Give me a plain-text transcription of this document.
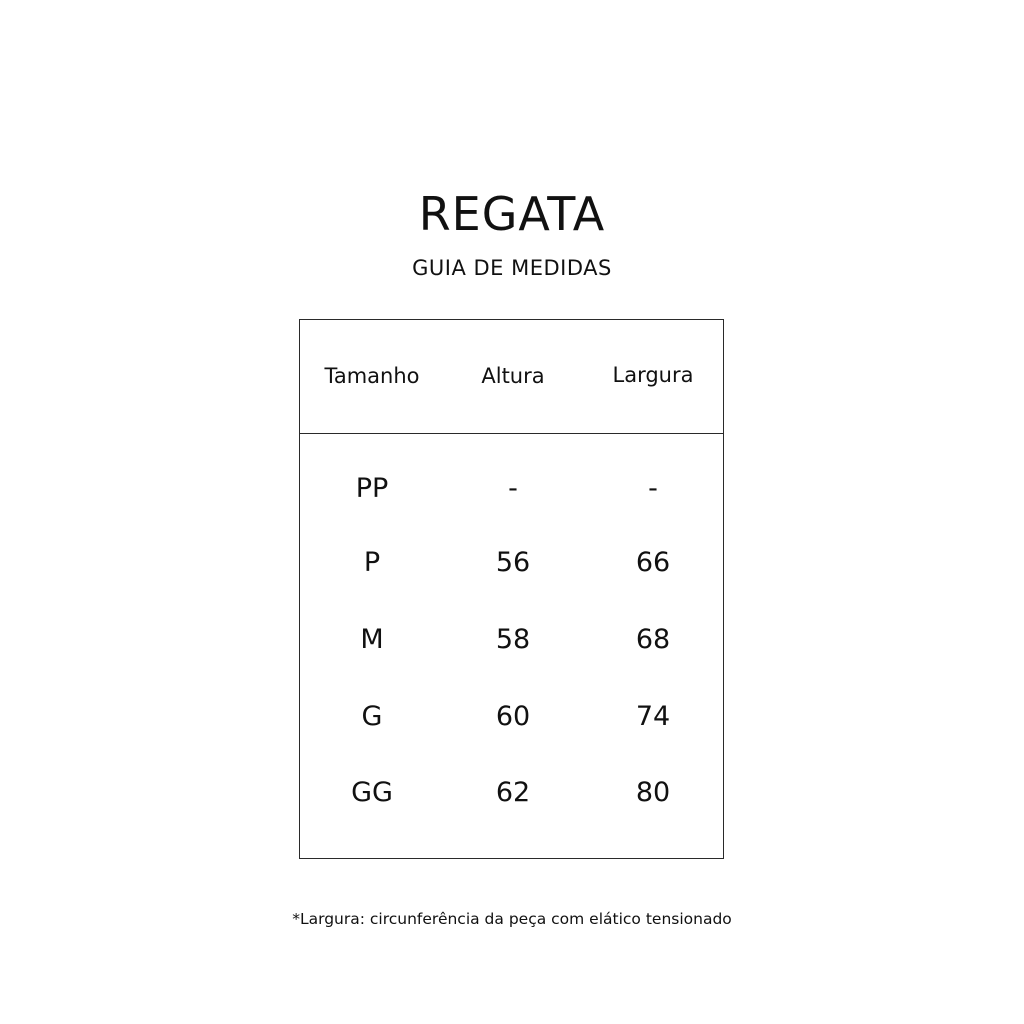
REGATA
GUIA DE MEDIDAS
Tamanho	Altura	Largura
PP	-	-
P	56	66
M	58	68
G	60	74
GG	62	80
*Largura: circunferência da peça com elático tensionado
